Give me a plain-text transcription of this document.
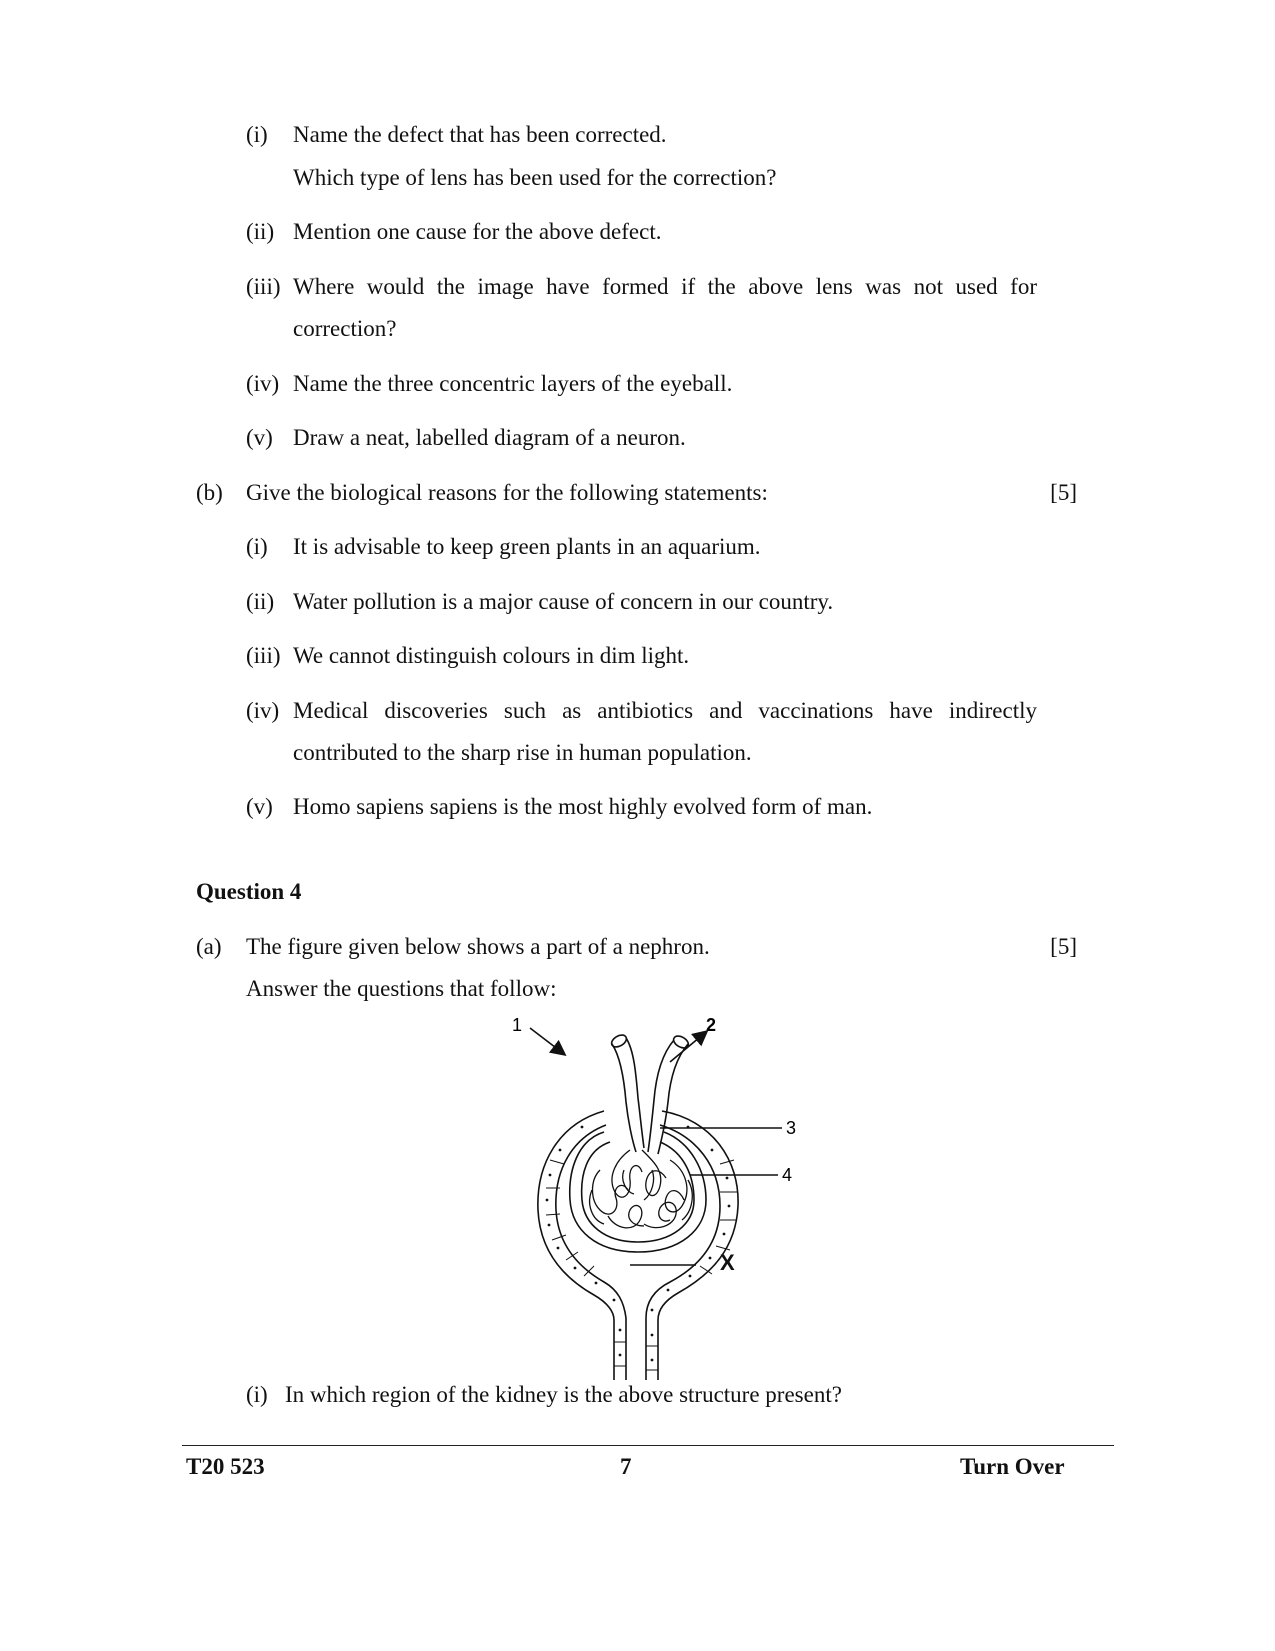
(i) Name the defect that has been corrected.
Which type of lens has been used for the correction?
(ii) Mention one cause for the above defect.
(iii) Where would the image have formed if the above lens was not used for
correction?
(iv) Name the three concentric layers of the eyeball.
(v) Draw a neat, labelled diagram of a neuron.
(b) Give the biological reasons for the following statements:	[5]
(i) It is advisable to keep green plants in an aquarium.
(ii) Water pollution is a major cause of concern in our country.
(iii) We cannot distinguish colours in dim light.
(iv) Medical discoveries such as antibiotics and vaccinations have indirectly
contributed to the sharp rise in human population.
(v) Homo sapiens sapiens is the most highly evolved form of man.
Question 4
(a) The figure given below shows a part of a nephron.	[5]
Answer the questions that follow:
1	2
3
4
X
(i) In which region of the kidney is the above structure present?
T20 523	7	Turn Over
